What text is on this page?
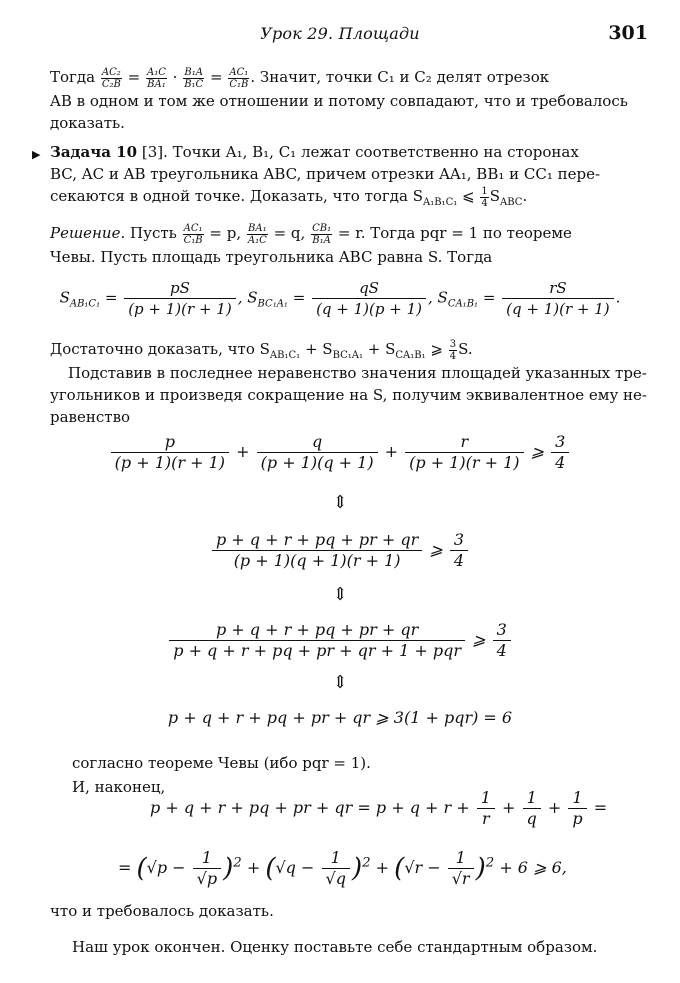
Урок 29. Площади	301

Тогда $\frac{\text{AC₂}}{\text{C₂B}} = \frac{\text{A₁C}}{\text{BA₁}} \cdot \frac{\text{B₁A}}{\text{B₁C}} = \frac{\text{AC₁}}{\text{C₁B}}$ . Значит, точки C₁ и C₂ делят отрезок

AB в одном и том же отношении и потому совпадают, что и требовалось

доказать.

▶ Задача 10 [3]. Точки A₁, B₁, C₁ лежат соответственно на сторонах

BC, AC и AB треугольника ABC, причем отрезки AA₁, BB₁ и CC₁ пере-

секаются в одной точке. Доказать, что тогда $S_{A_1B_1C_1}$ ⩽ $\frac{1}{4} S_{ABC}$.

Решение. Пусть $\frac{\text{AC₁}}{\text{C₁B}} = p$, $\frac{\text{BA₁}}{\text{A₁C}} = q$, $\frac{\text{CB₁}}{\text{B₁A}} = r$. Тогда pqr = 1 по теореме

Чевы. Пусть площадь треугольника ABC равна S. Тогда

$S_{AB_1C_1} = \frac{pS}{(p + 1)(r + 1)}$ , $S_{BC_1A_1} = \frac{qS}{(q + 1)(p + 1)}$ , $S_{CA_1B_1} = \frac{rS}{(q + 1)(r + 1)}$ .

Достаточно доказать, что $S_{AB_1C_1} + S_{BC_1A_1} + S_{CA_1B_1}$ ⩾ $\frac{3}{4} S$.

Подставив в последнее неравенство значения площадей указанных тре-

угольников и произведя сокращение на S, получим эквивалентное ему не-

равенство

$\frac{p}{(p + 1)(r + 1)} + \frac{q}{(p + 1)(q + 1)} + \frac{r}{(p + 1)(r + 1)}$ ⩾ $\frac{3}{4}$
⇕
$\frac{p + q + r + pq + pr + qr}{(p + 1)(q + 1)(r + 1)}$ ⩾ $\frac{3}{4}$
⇕
$\frac{p + q + r + pq + pr + qr}{\text{p + q + r + pq + pr + qr + 1 + pqr}}$ ⩾ $\frac{3}{4}$
⇕
p + q + r + pq + pr + qr ⩾ 3(1 + pqr) = 6
согласно теореме Чевы (ибо pqr = 1).
И, наконец,
p + q + r + pq + pr + qr = $p + q + r + \frac{1}{r} + \frac{1}{q} + \frac{1}{p}$ =
= $(√p - \frac{1}{√p} )^2 + (√q - \frac{1}{√q} )^2 + (√r - \frac{1}{√r} )^2 + 6$ ⩾ 6,
что и требовалось доказать.
Наш урок окончен. Оценку поставьте себе стандартным образом.
